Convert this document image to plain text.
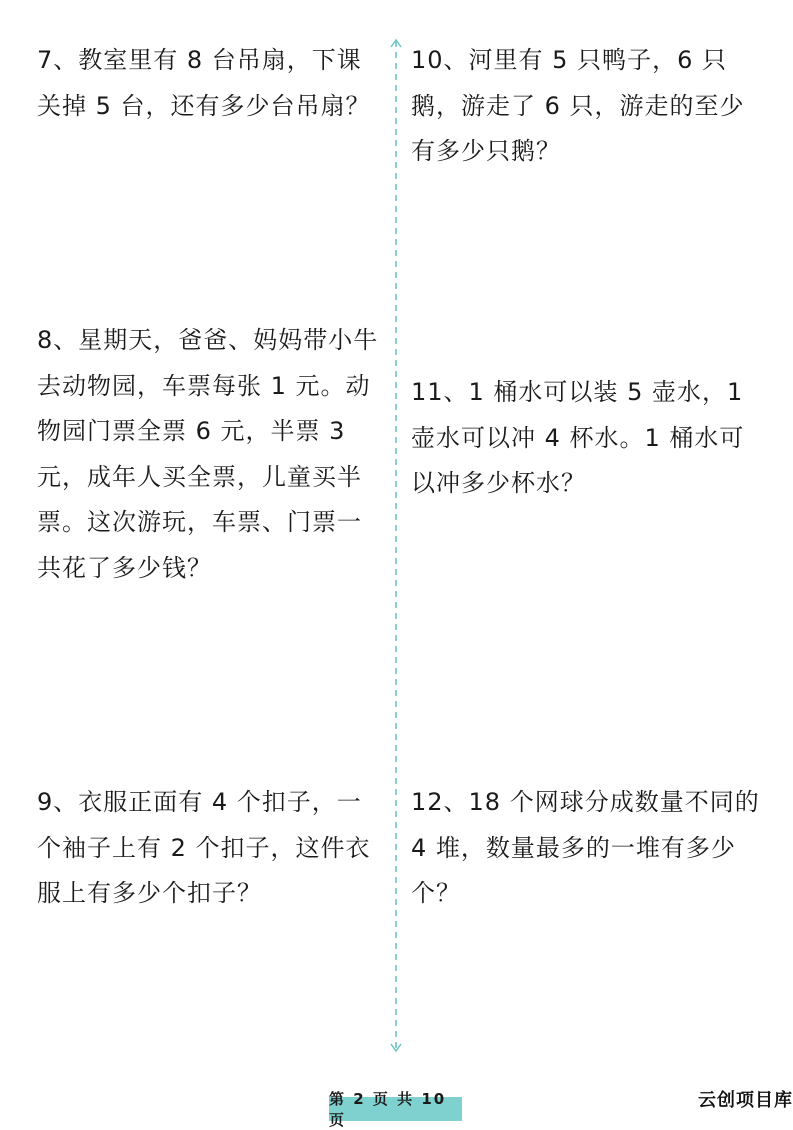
7、教室里有 8 台吊扇，下课关掉 5 台，还有多少台吊扇？
8、星期天，爸爸、妈妈带小牛去动物园，车票每张 1 元。动物园门票全票 6 元，半票 3 元，成年人买全票，儿童买半票。这次游玩，车票、门票一共花了多少钱？
9、衣服正面有 4 个扣子，一个袖子上有 2 个扣子，这件衣服上有多少个扣子？
10、河里有 5 只鸭子，6 只鹅，游走了 6 只，游走的至少有多少只鹅？
11、1 桶水可以装 5 壶水，1 壶水可以冲 4 杯水。1 桶水可以冲多少杯水？
12、18 个网球分成数量不同的 4 堆，数量最多的一堆有多少个？
第 2 页 共 10 页
云创项目库
